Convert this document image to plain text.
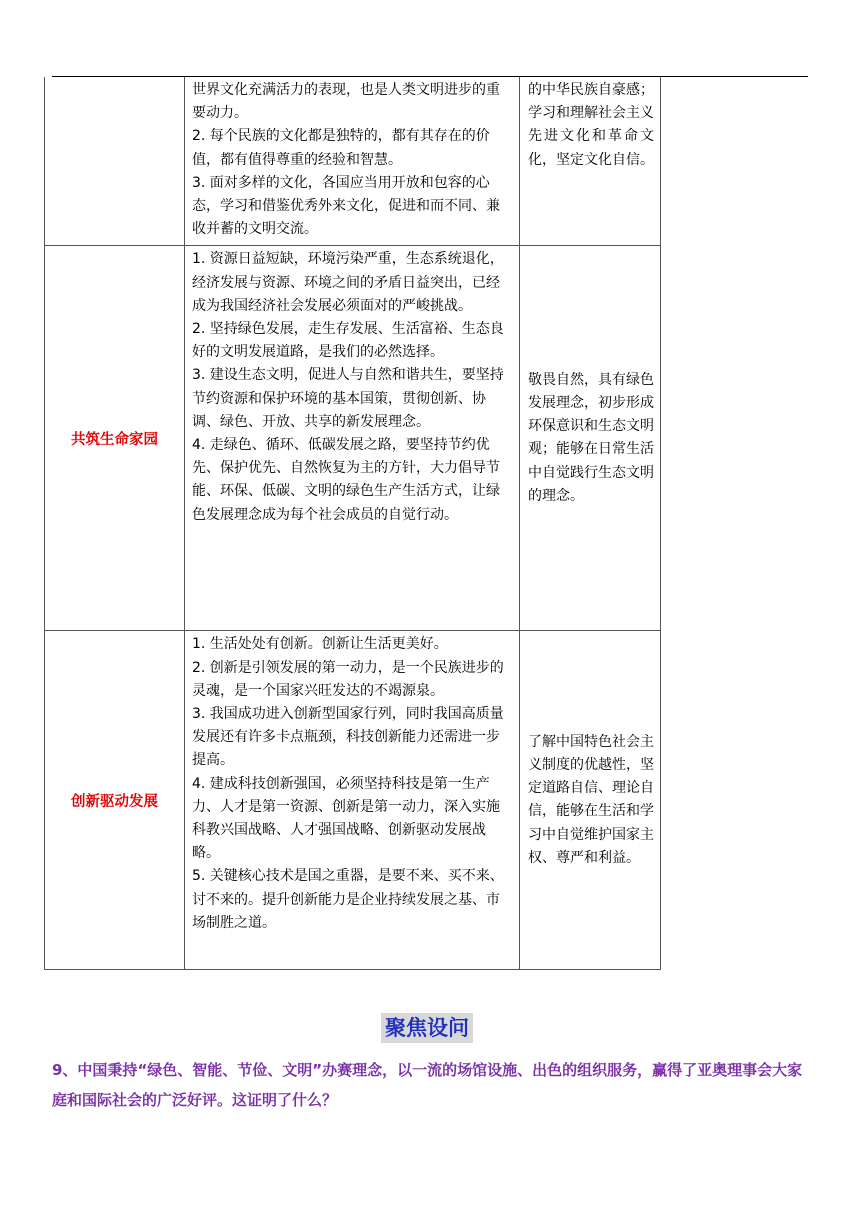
	世界文化充满活力的表现，也是人类文明进步的重要动力。

2. 每个民族的文化都是独特的，都有其存在的价值，都有值得尊重的经验和智慧。

3. 面对多样的文化，各国应当用开放和包容的心态，学习和借鉴优秀外来文化，促进和而不同、兼收并蓄的文明交流。	的中华民族自豪感；学习和理解社会主义先进文化和革命文化，坚定文化自信。
共筑生命家园	1. 资源日益短缺，环境污染严重，生态系统退化，经济发展与资源、环境之间的矛盾日益突出，已经成为我国经济社会发展必须面对的严峻挑战。

2. 坚持绿色发展，走生存发展、生活富裕、生态良好的文明发展道路，是我们的必然选择。

3. 建设生态文明，促进人与自然和谐共生，要坚持节约资源和保护环境的基本国策，贯彻创新、协调、绿色、开放、共享的新发展理念。

4. 走绿色、循环、低碳发展之路，要坚持节约优先、保护优先、自然恢复为主的方针，大力倡导节能、环保、低碳、文明的绿色生产生活方式，让绿色发展理念成为每个社会成员的自觉行动。	敬畏自然，具有绿色发展理念，初步形成环保意识和生态文明观；能够在日常生活中自觉践行生态文明的理念。
创新驱动发展	1. 生活处处有创新。创新让生活更美好。

2. 创新是引领发展的第一动力，是一个民族进步的灵魂，是一个国家兴旺发达的不竭源泉。

3. 我国成功进入创新型国家行列，同时我国高质量发展还有许多卡点瓶颈，科技创新能力还需进一步提高。

4. 建成科技创新强国，必须坚持科技是第一生产力、人才是第一资源、创新是第一动力，深入实施科教兴国战略、人才强国战略、创新驱动发展战略。

5. 关键核心技术是国之重器，是要不来、买不来、讨不来的。提升创新能力是企业持续发展之基、市场制胜之道。	了解中国特色社会主义制度的优越性，坚定道路自信、理论自信，能够在生活和学习中自觉维护国家主权、尊严和利益。
聚焦设问
9、中国秉持“绿色、智能、节俭、文明”办赛理念，以一流的场馆设施、出色的组织服务，赢得了亚奥理事会大家庭和国际社会的广泛好评。这证明了什么？
